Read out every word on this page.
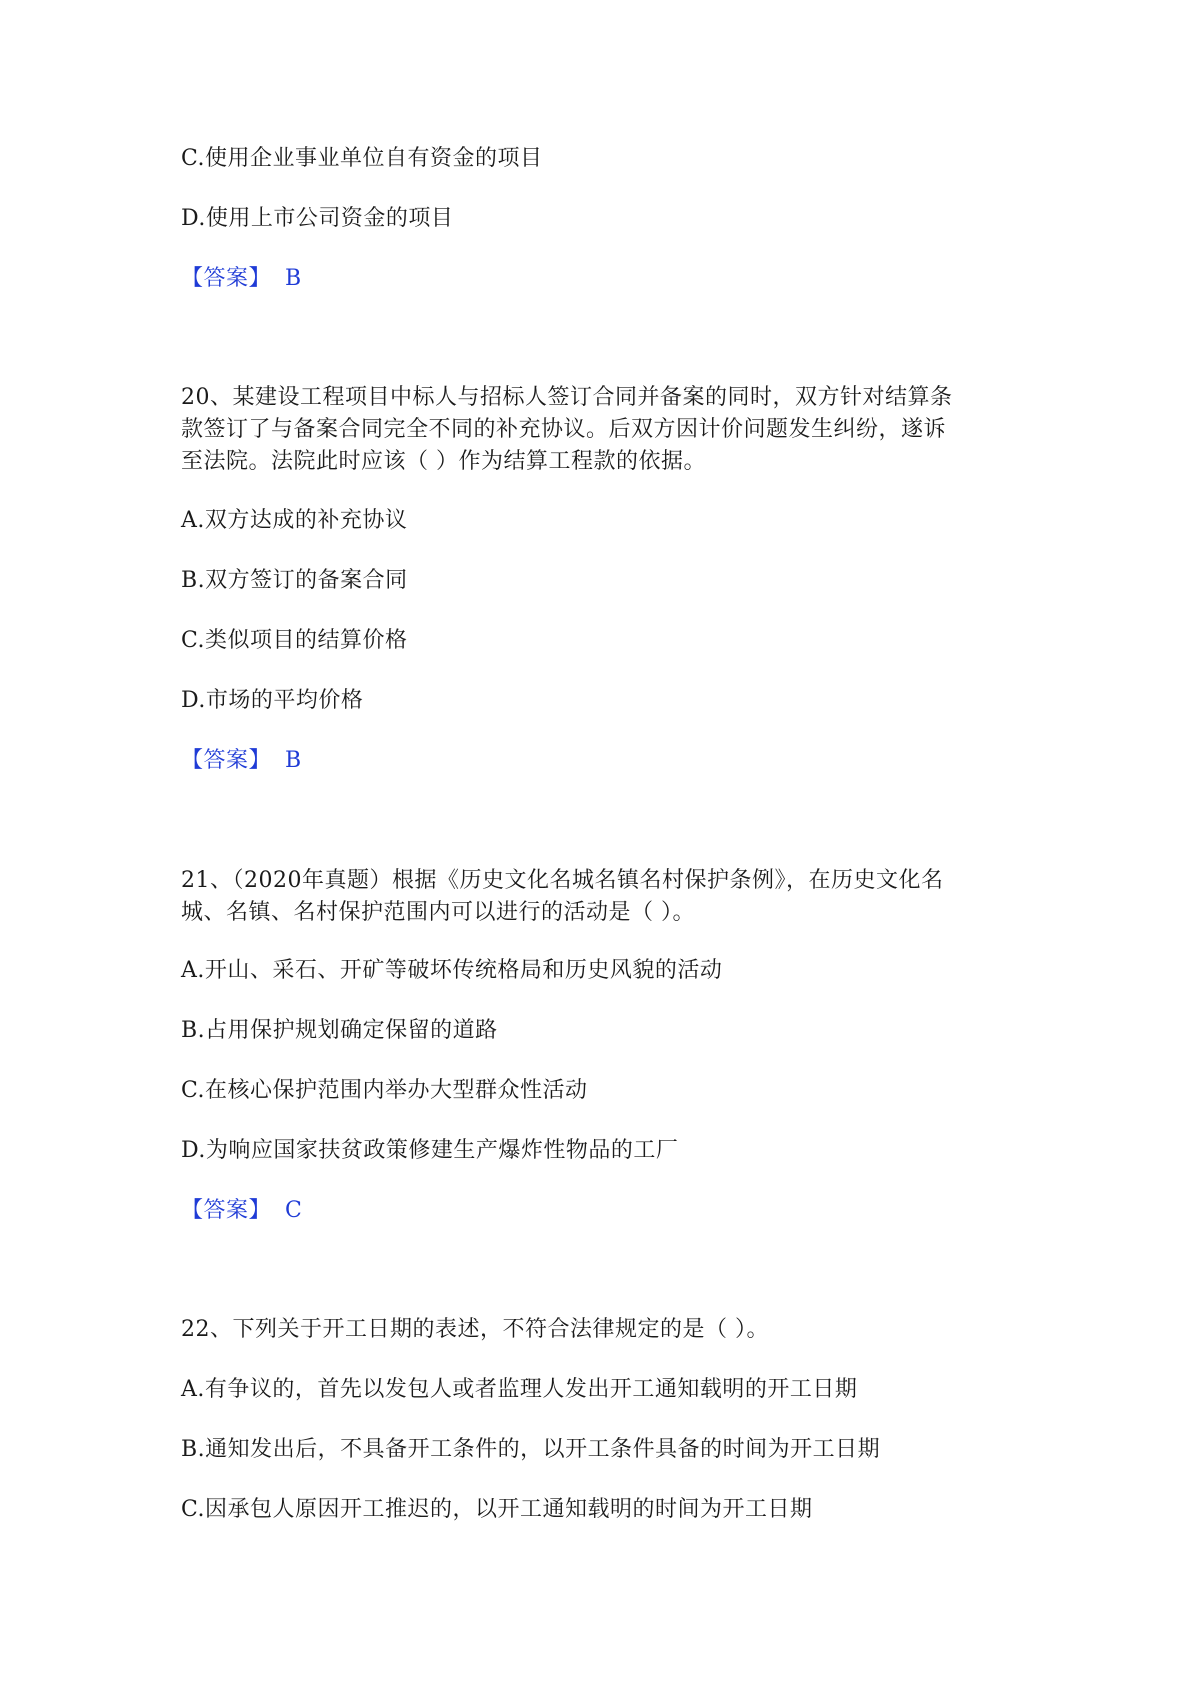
C.使用企业事业单位自有资金的项目
D.使用上市公司资金的项目
【答案】 B
20、某建设工程项目中标人与招标人签订合同并备案的同时，双方针对结算条
款签订了与备案合同完全不同的补充协议。后双方因计价问题发生纠纷，遂诉
至法院。法院此时应该（ ）作为结算工程款的依据。
A.双方达成的补充协议
B.双方签订的备案合同
C.类似项目的结算价格
D.市场的平均价格
【答案】 B
21、（2020年真题）根据《历史文化名城名镇名村保护条例》，在历史文化名
城、名镇、名村保护范围内可以进行的活动是（ ）。
A.开山、采石、开矿等破坏传统格局和历史风貌的活动
B.占用保护规划确定保留的道路
C.在核心保护范围内举办大型群众性活动
D.为响应国家扶贫政策修建生产爆炸性物品的工厂
【答案】 C
22、下列关于开工日期的表述，不符合法律规定的是（ ）。
A.有争议的，首先以发包人或者监理人发出开工通知载明的开工日期
B.通知发出后，不具备开工条件的，以开工条件具备的时间为开工日期
C.因承包人原因开工推迟的，以开工通知载明的时间为开工日期
